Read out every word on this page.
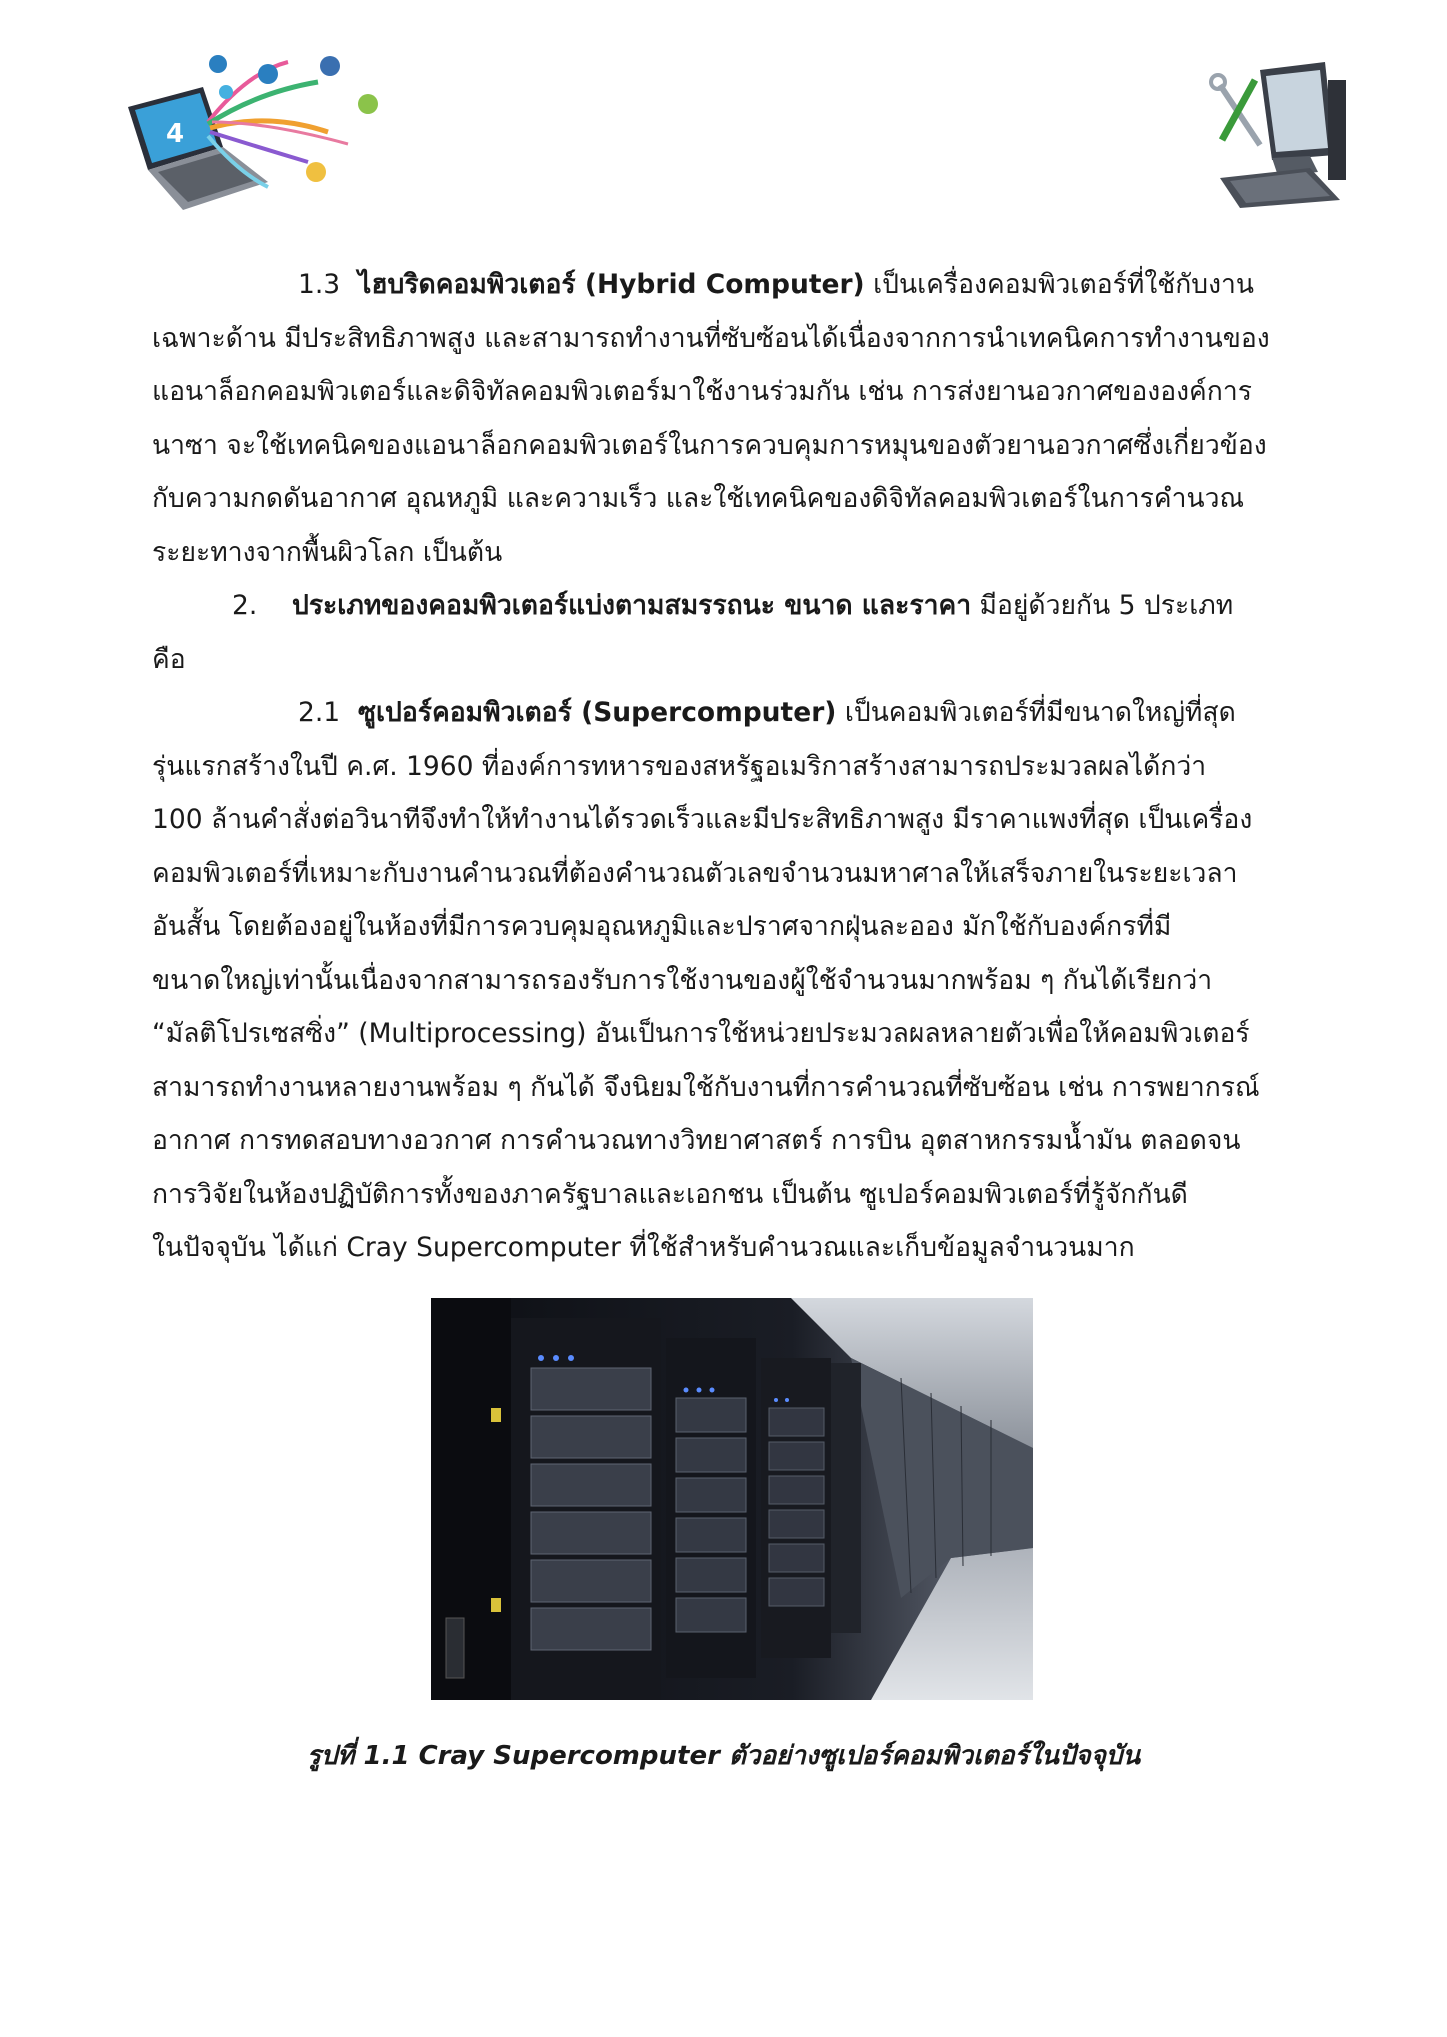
4

1.3 ไฮบริดคอมพิวเตอร์ (Hybrid Computer) เป็นเครื่องคอมพิวเตอร์ที่ใช้กับงาน
เฉพาะด้าน มีประสิทธิภาพสูง และสามารถทำงานที่ซับซ้อนได้เนื่องจากการนำเทคนิคการทำงานของ
แอนาล็อกคอมพิวเตอร์และดิจิทัลคอมพิวเตอร์มาใช้งานร่วมกัน เช่น การส่งยานอวกาศขององค์การ
นาซา จะใช้เทคนิคของแอนาล็อกคอมพิวเตอร์ในการควบคุมการหมุนของตัวยานอวกาศซึ่งเกี่ยวข้อง
กับความกดดันอากาศ อุณหภูมิ และความเร็ว และใช้เทคนิคของดิจิทัลคอมพิวเตอร์ในการคำนวณ
ระยะทางจากพื้นผิวโลก เป็นต้น

2. ประเภทของคอมพิวเตอร์แบ่งตามสมรรถนะ ขนาด และราคา มีอยู่ด้วยกัน 5 ประเภท
คือ

2.1 ซูเปอร์คอมพิวเตอร์ (Supercomputer) เป็นคอมพิวเตอร์ที่มีขนาดใหญ่ที่สุด
รุ่นแรกสร้างในปี ค.ศ. 1960 ที่องค์การทหารของสหรัฐอเมริกาสร้างสามารถประมวลผลได้กว่า
100 ล้านคำสั่งต่อวินาทีจึงทำให้ทำงานได้รวดเร็วและมีประสิทธิภาพสูง มีราคาแพงที่สุด เป็นเครื่อง
คอมพิวเตอร์ที่เหมาะกับงานคำนวณที่ต้องคำนวณตัวเลขจำนวนมหาศาลให้เสร็จภายในระยะเวลา
อันสั้น โดยต้องอยู่ในห้องที่มีการควบคุมอุณหภูมิและปราศจากฝุ่นละออง มักใช้กับองค์กรที่มี
ขนาดใหญ่เท่านั้นเนื่องจากสามารถรองรับการใช้งานของผู้ใช้จำนวนมากพร้อม ๆ กันได้เรียกว่า
“มัลติโปรเซสซิ่ง” (Multiprocessing) อันเป็นการใช้หน่วยประมวลผลหลายตัวเพื่อให้คอมพิวเตอร์
สามารถทำงานหลายงานพร้อม ๆ กันได้ จึงนิยมใช้กับงานที่การคำนวณที่ซับซ้อน เช่น การพยากรณ์
อากาศ การทดสอบทางอวกาศ การคำนวณทางวิทยาศาสตร์ การบิน อุตสาหกรรมน้ำมัน ตลอดจน
การวิจัยในห้องปฏิบัติการทั้งของภาครัฐบาลและเอกชน เป็นต้น ซูเปอร์คอมพิวเตอร์ที่รู้จักกันดี
ในปัจจุบัน ได้แก่ Cray Supercomputer ที่ใช้สำหรับคำนวณและเก็บข้อมูลจำนวนมาก

รูปที่ 1.1 Cray Supercomputer ตัวอย่างซูเปอร์คอมพิวเตอร์ในปัจจุบัน
